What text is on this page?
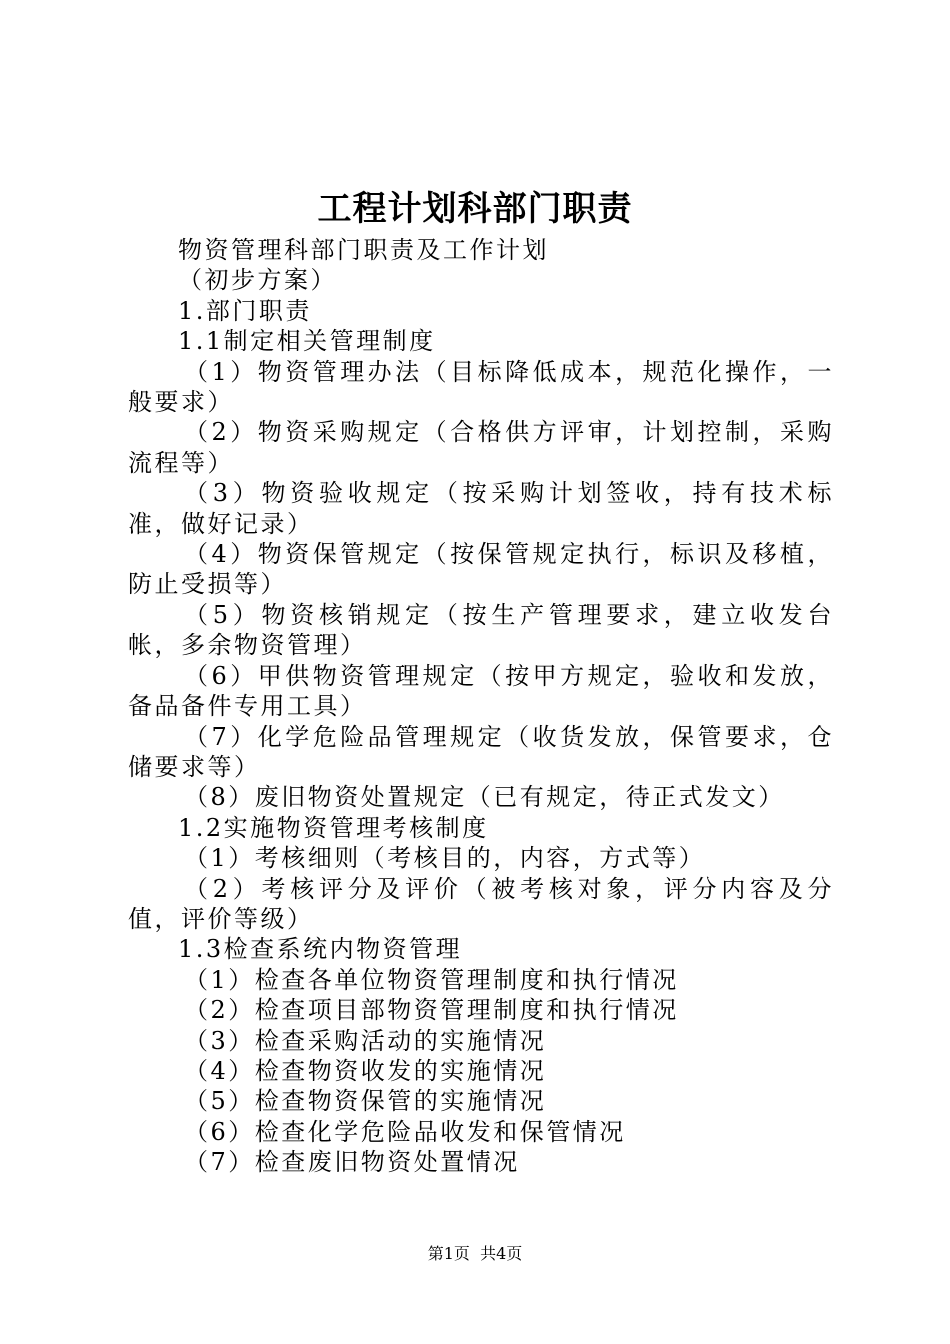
工程计划科部门职责

物资管理科部门职责及工作计划

（初步方案）

1.部门职责

1.1制定相关管理制度

（1）物资管理办法（目标降低成本，规范化操作，一般要求）

（2）物资采购规定（合格供方评审，计划控制，采购流程等）

（3）物资验收规定（按采购计划签收，持有技术标准，做好记录）

（4）物资保管规定（按保管规定执行，标识及移植，防止受损等）

（5）物资核销规定（按生产管理要求，建立收发台帐，多余物资管理）

（6）甲供物资管理规定（按甲方规定，验收和发放，备品备件专用工具）

（7）化学危险品管理规定（收货发放，保管要求，仓储要求等）

（8）废旧物资处置规定（已有规定，待正式发文）

1.2实施物资管理考核制度

（1）考核细则（考核目的，内容，方式等）

（2）考核评分及评价（被考核对象，评分内容及分值，评价等级）

1.3检查系统内物资管理

（1）检查各单位物资管理制度和执行情况

（2）检查项目部物资管理制度和执行情况

（3）检查采购活动的实施情况

（4）检查物资收发的实施情况

（5）检查物资保管的实施情况

（6）检查化学危险品收发和保管情况

（7）检查废旧物资处置情况

第1页 共4页
